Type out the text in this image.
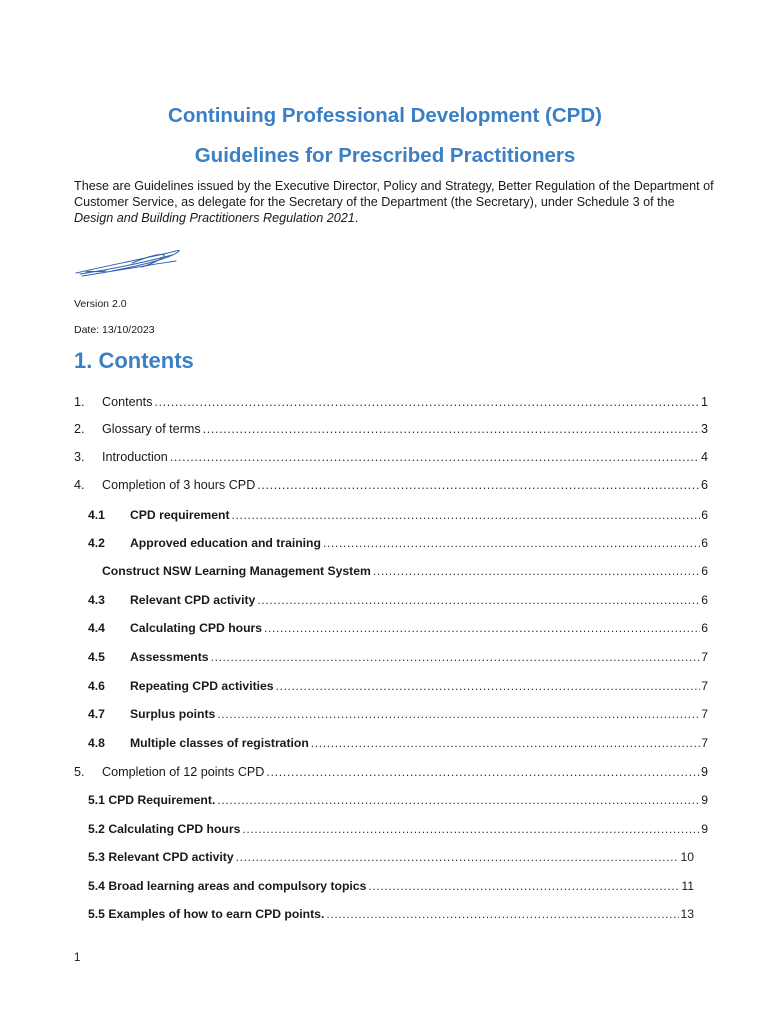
Continuing Professional Development (CPD)
Guidelines for Prescribed Practitioners

These are Guidelines issued by the Executive Director, Policy and Strategy, Better Regulation of the Department of Customer Service, as delegate for the Secretary of the Department (the Secretary), under Schedule 3 of the Design and Building Practitioners Regulation 2021.

Version 2.0

Date: 13/10/2023

1. Contents
1.	Contents .....	1
2.	Glossary of terms .....	3
3.	Introduction .....	4
4.	Completion of 3 hours CPD .....	6
4.1	CPD requirement .....	6
4.2	Approved education and training .....	6
Construct NSW Learning Management System .....	6
4.3	Relevant CPD activity .....	6
4.4	Calculating CPD hours .....	6
4.5	Assessments .....	7
4.6	Repeating CPD activities .....	7
4.7	Surplus points .....	7
4.8	Multiple classes of registration .....	7
5.	Completion of 12 points CPD .....	9
5.1 CPD Requirement. .....	9
5.2 Calculating CPD hours .....	9
5.3 Relevant CPD activity .....	10
5.4 Broad learning areas and compulsory topics .....	11
5.5 Examples of how to earn CPD points. .....	13

1
